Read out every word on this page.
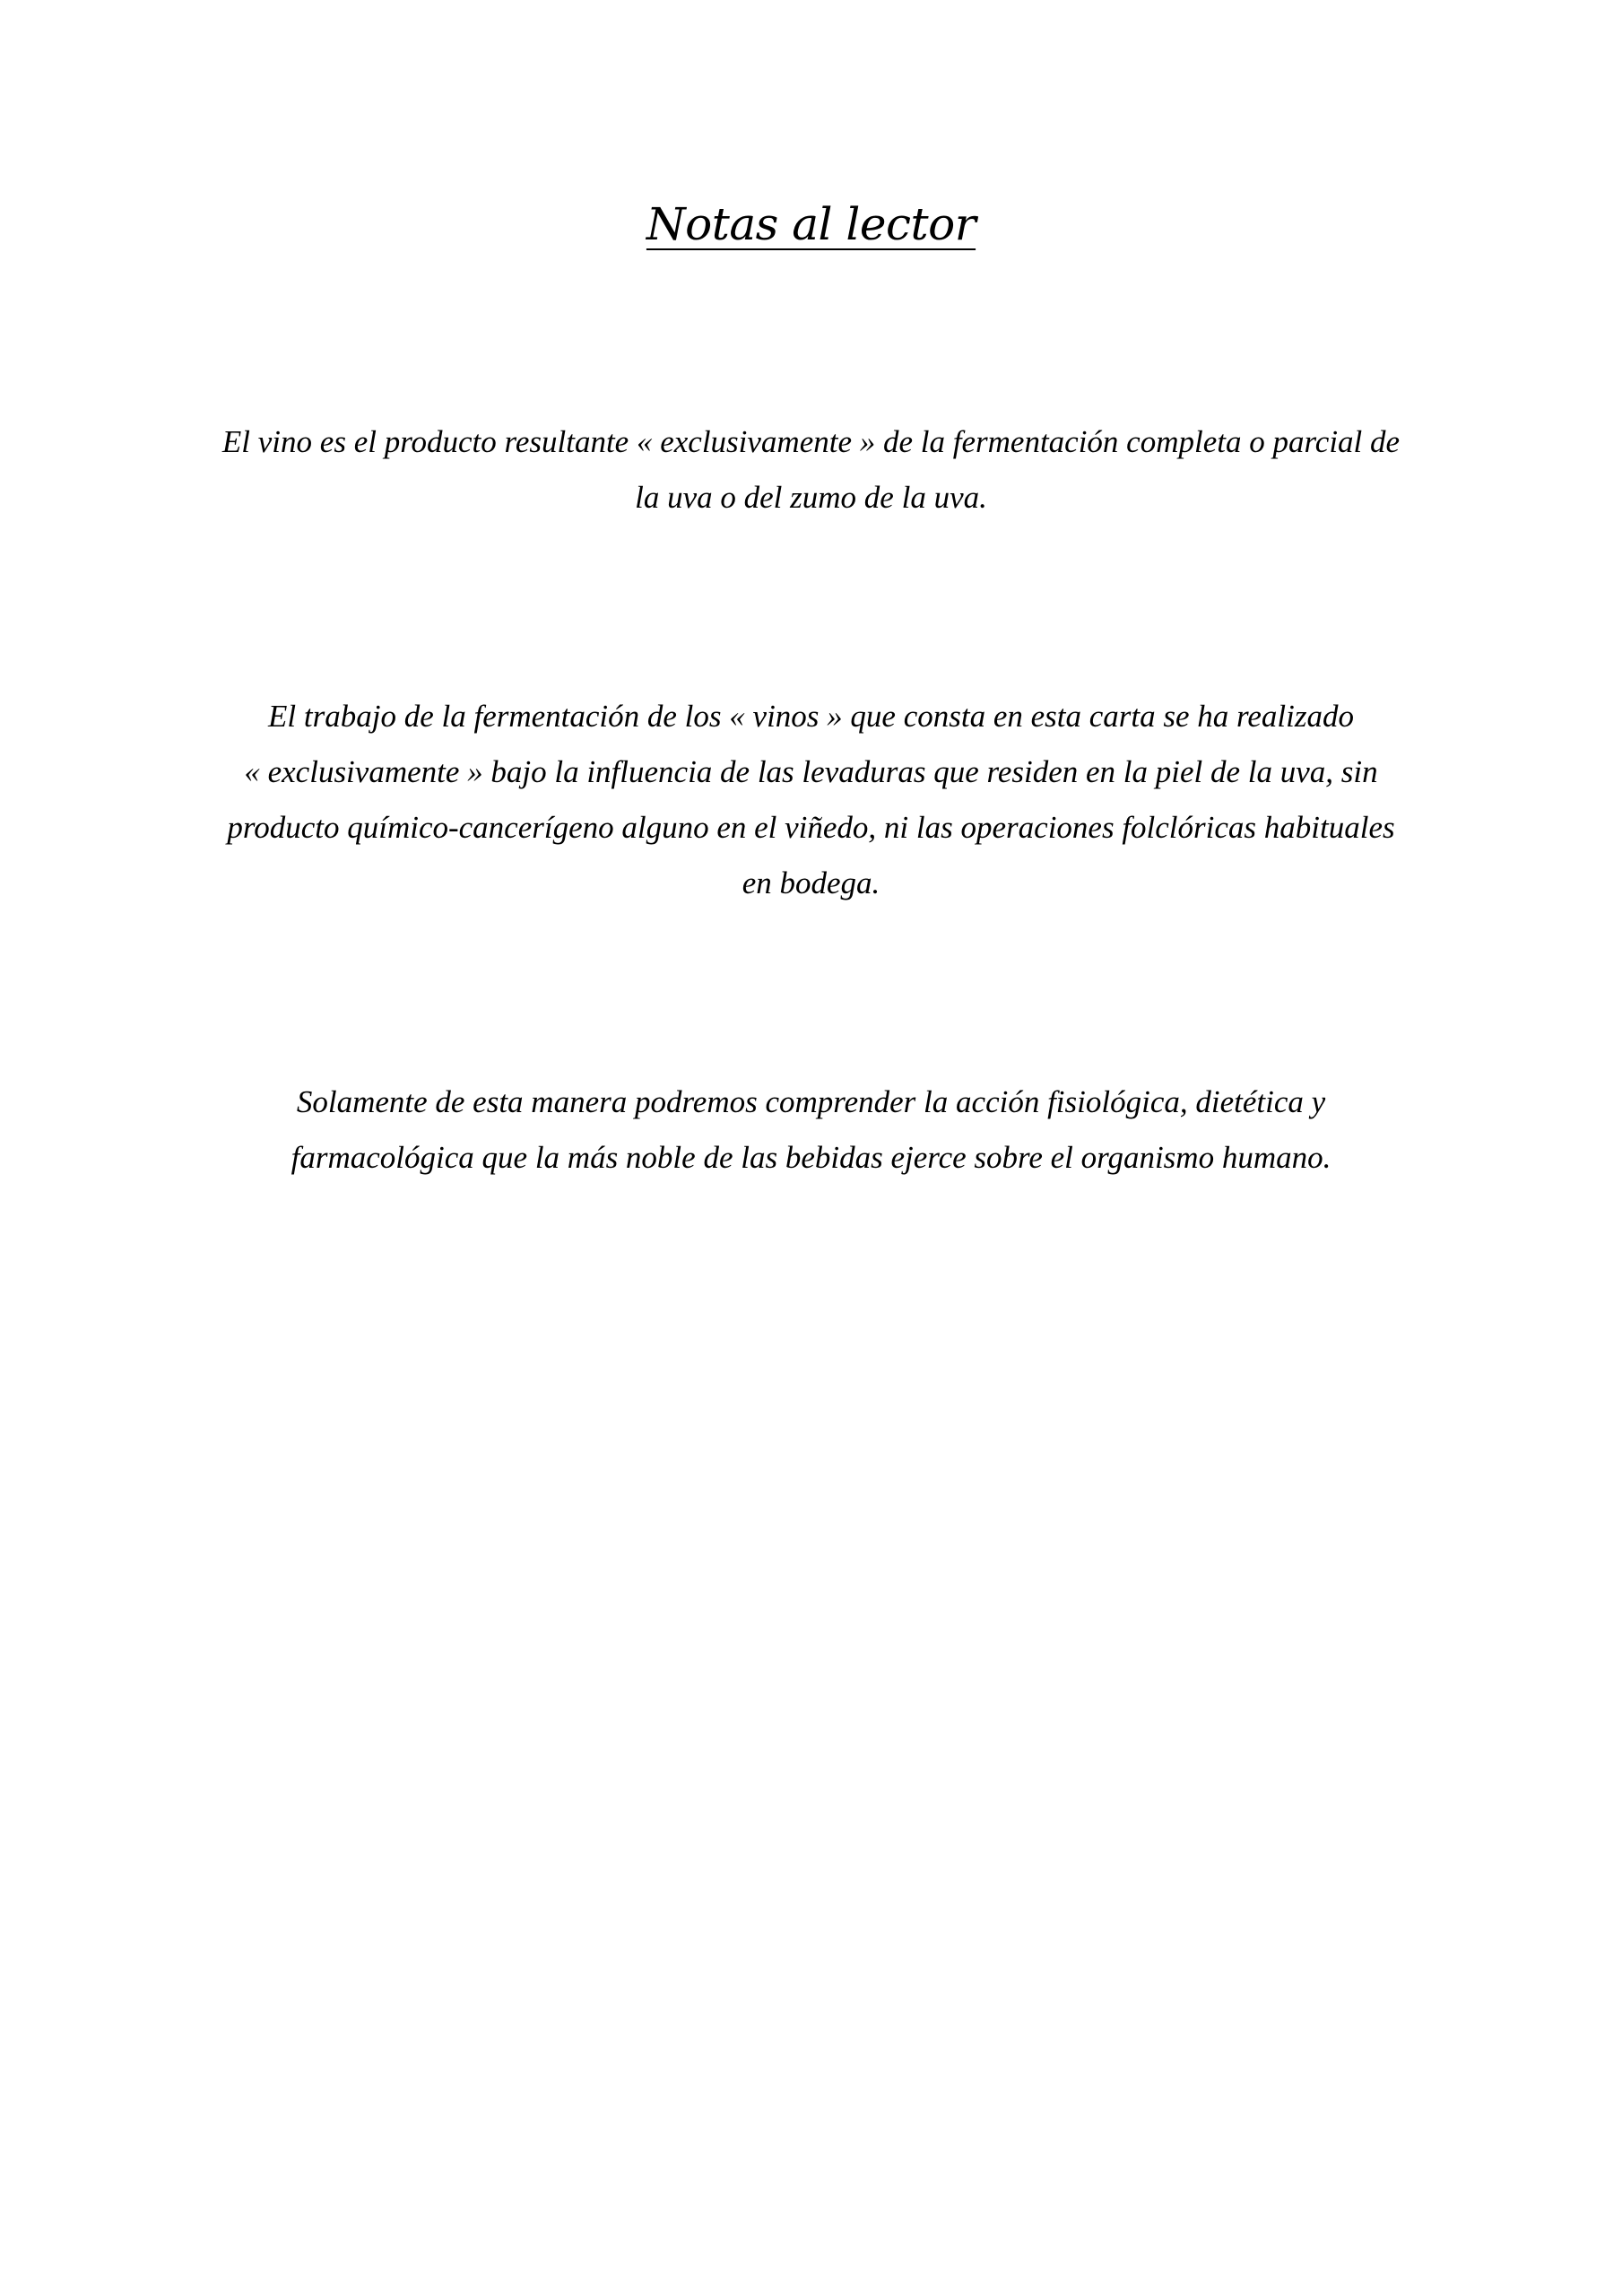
Notas al lector
El vino es el producto resultante « exclusivamente » de la fermentación completa o parcial de
la uva o del zumo de la uva.
El trabajo de la fermentación de los « vinos » que consta en esta carta se ha realizado
« exclusivamente » bajo la influencia de las levaduras que residen en la piel de la uva, sin
producto químico-cancerígeno alguno en el viñedo, ni las operaciones folclóricas habituales
en bodega.
Solamente de esta manera podremos comprender la acción fisiológica, dietética y
farmacológica que la más noble de las bebidas ejerce sobre el organismo humano.
